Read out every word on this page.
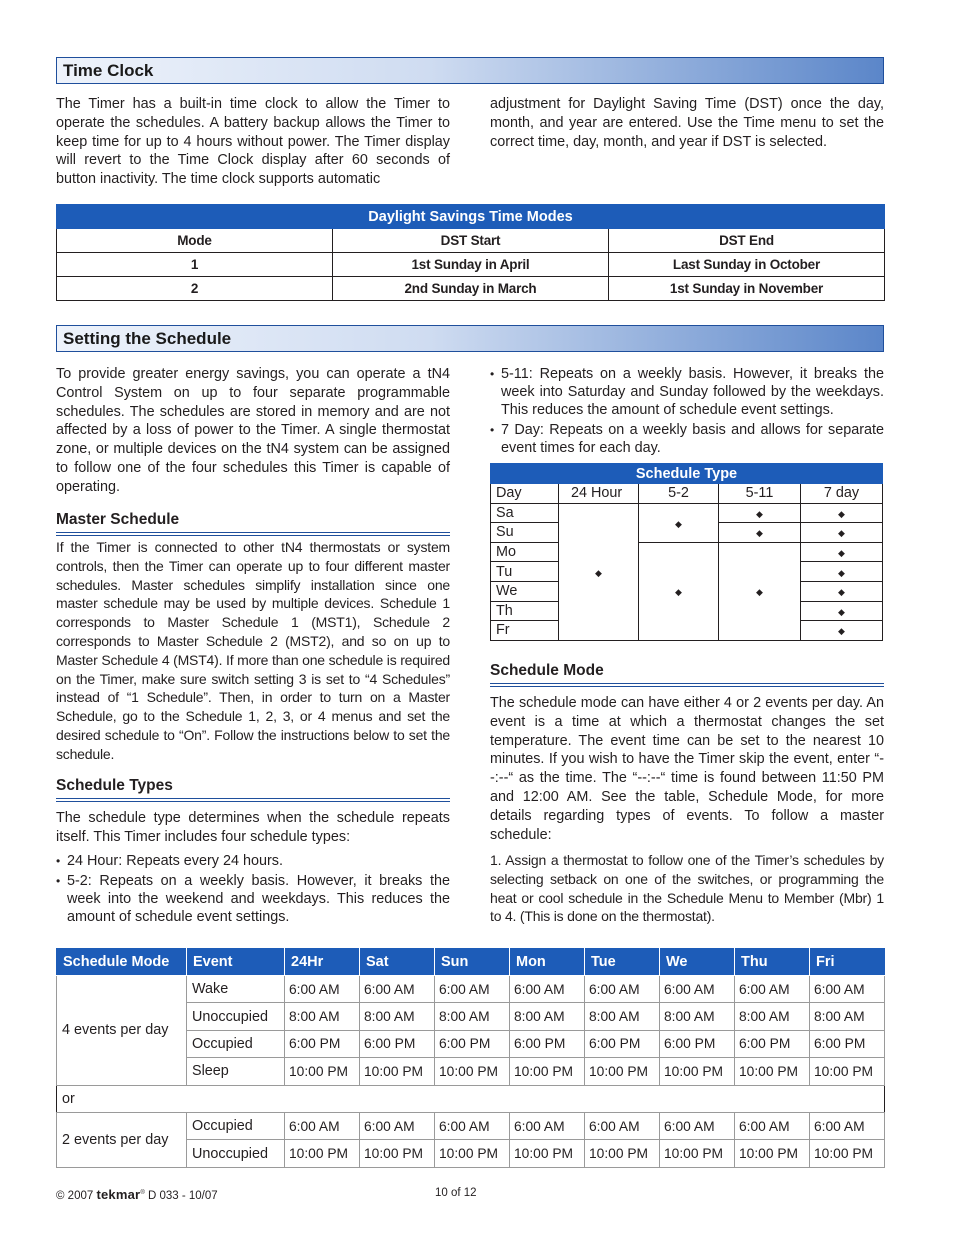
Time Clock
The Timer has a built-in time clock to allow the Timer to operate the schedules. A battery backup allows the Timer to keep time for up to 4 hours without power. The Timer display will revert to the Time Clock display after 60 seconds of button inactivity. The time clock supports automatic
adjustment for Daylight Saving Time (DST) once the day, month, and year are entered. Use the Time menu to set the correct time, day, month, and year if DST is selected.
Daylight Savings Time Modes		
Mode	DST Start	DST End
1	1st Sunday in April	Last Sunday in October
2	2nd Sunday in March	1st Sunday in November
Setting the Schedule
To provide greater energy savings, you can operate a tN4 Control System on up to four separate programmable schedules. The schedules are stored in memory and are not affected by a loss of power to the Timer. A single thermostat zone, or multiple devices on the tN4 system can be assigned to follow one of the four schedules this Timer is capable of operating.
Master Schedule
If the Timer is connected to other tN4 thermostats or system controls, then the Timer can operate up to four different master schedules. Master schedules simplify installation since one master schedule may be used by multiple devices. Schedule 1 corresponds to Master Schedule 1 (MST1), Schedule 2 corresponds to Master Schedule 2 (MST2), and so on up to Master Schedule 4 (MST4). If more than one schedule is required on the Timer, make sure switch setting 3 is set to “4 Schedules” instead of “1 Schedule”. Then, in order to turn on a Master Schedule, go to the Schedule 1, 2, 3, or 4 menus and set the desired schedule to “On”. Follow the instructions below to set the schedule.
Schedule Types
The schedule type determines when the schedule repeats itself. This Timer includes four schedule types:
• 24 Hour: Repeats every 24 hours.
• 5-2: Repeats on a weekly basis. However, it breaks the week into the weekend and weekdays. This reduces the amount of schedule event settings.
• 5-11: Repeats on a weekly basis. However, it breaks the week into Saturday and Sunday followed by the weekdays. This reduces the amount of schedule event settings.
• 7 Day: Repeats on a weekly basis and allows for separate event times for each day.
Schedule Type				
Day	24 Hour	5-2	5-11	7 day
Sa	◆	◆	◆	◆
Su			◆	◆
Mo		◆	◆	◆
Tu				◆
We				◆
Th				◆
Fr				◆
Schedule Mode
The schedule mode can have either 4 or 2 events per day. An event is a time at which a thermostat changes the set temperature. The event time can be set to the nearest 10 minutes. If you wish to have the Timer skip the event, enter “--:--“ as the time. The “--:--“ time is found between 11:50 PM and 12:00 AM. See the table, Schedule Mode, for more details regarding types of events. To follow a master schedule:
1. Assign a thermostat to follow one of the Timer’s schedules by selecting setback on one of the switches, or programming the heat or cool schedule in the Schedule Menu to Member (Mbr) 1 to 4. (This is done on the thermostat).
Schedule Mode	Event	24Hr	Sat	Sun	Mon	Tue	We	Thu	Fri
4 events per day	Wake	6:00 AM	6:00 AM	6:00 AM	6:00 AM	6:00 AM	6:00 AM	6:00 AM	6:00 AM
	Unoccupied	8:00 AM	8:00 AM	8:00 AM	8:00 AM	8:00 AM	8:00 AM	8:00 AM	8:00 AM
	Occupied	6:00 PM	6:00 PM	6:00 PM	6:00 PM	6:00 PM	6:00 PM	6:00 PM	6:00 PM
	Sleep	10:00 PM	10:00 PM	10:00 PM	10:00 PM	10:00 PM	10:00 PM	10:00 PM	10:00 PM
or									
2 events per day	Occupied	6:00 AM	6:00 AM	6:00 AM	6:00 AM	6:00 AM	6:00 AM	6:00 AM	6:00 AM
	Unoccupied	10:00 PM	10:00 PM	10:00 PM	10:00 PM	10:00 PM	10:00 PM	10:00 PM	10:00 PM
© 2007 tekmar® D 033 - 10/07	10 of 12
